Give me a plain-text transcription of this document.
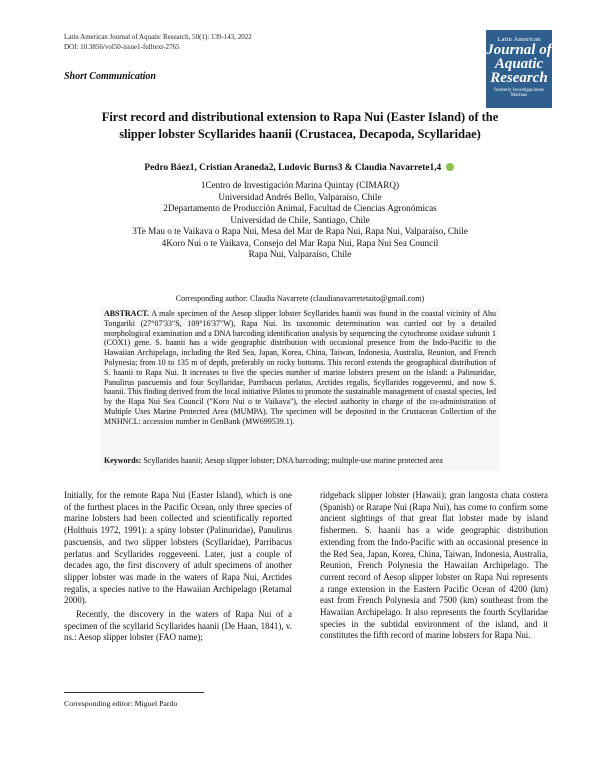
Latin American Journal of Aquatic Research, 50(1): 139-143, 2022
DOI: 10.3856/vol50-issue1-fulltext-2765
Latin American
Journal of Aquatic Research
formerly Investigaciones Marinas
Short Communication
First record and distributional extension to Rapa Nui (Easter Island) of the slipper lobster Scyllarides haanii (Crustacea, Decapoda, Scyllaridae)
Pedro Báez1, Cristian Araneda2, Ludovic Burns3 & Claudia Navarrete1,4
1Centro de Investigación Marina Quintay (CIMARQ)
Universidad Andrés Bello, Valparaíso, Chile
2Departamento de Producción Animal, Facultad de Ciencias Agronómicas
Universidad de Chile, Santiago, Chile
3Te Mau o te Vaikava o Rapa Nui, Mesa del Mar de Rapa Nui, Rapa Nui, Valparaíso, Chile
4Koro Nui o te Vaikava, Consejo del Mar Rapa Nui, Rapa Nui Sea Council
Rapa Nui, Valparaíso, Chile
Corresponding author: Claudia Navarrete (claudianavarretetaito@gmail.com)
ABSTRACT. A male specimen of the Aesop slipper lobster Scyllarides haanii was found in the coastal vicinity of Ahu Tongariki (27°07'33"S, 109°16'37"W), Rapa Nui. Its taxonomic determination was carried out by a detailed morphological examination and a DNA barcoding identification analysis by sequencing the cytochrome oxidase subunit 1 (COX1) gene. S. haanii has a wide geographic distribution with occasional presence from the Indo-Pacific to the Hawaiian Archipelago, including the Red Sea, Japan, Korea, China, Taiwan, Indonesia, Australia, Reunion, and French Polynesia; from 10 to 135 m of depth, preferably on rocky bottoms. This record extends the geographical distribution of S. haanii to Rapa Nui. It increases to five the species number of marine lobsters present on the island: a Palinuridae, Panulirus pascuensis and four Scyllaridae, Parribacus perlatus, Arctides regalis, Scyllarides roggeveenni, and now S. haanii. This finding derived from the local initiative Pilotos to promote the sustainable management of coastal species, led by the Rapa Nui Sea Council ("Koro Nui o te Vaikava"), the elected authority in charge of the co-administration of Multiple Uses Marine Protected Area (MUMPA). The specimen will be deposited in the Crustacean Collection of the MNHNCL: accession number in GenBank (MW699539.1).
Keywords: Scyllarides haanii; Aesop slipper lobster; DNA barcoding; multiple-use marine protected area

Initially, for the remote Rapa Nui (Easter Island), which is one of the furthest places in the Pacific Ocean, only three species of marine lobsters had been collected and scientifically reported (Holthuis 1972, 1991): a spiny lobster (Palinuridae), Panulirus pascuensis, and two slipper lobsters (Scyllaridae), Parribacus perlatus and Scyllarides roggeveeni. Later, just a couple of decades ago, the first discovery of adult specimens of another slipper lobster was made in the waters of Rapa Nui, Arctides regalis, a species native to the Hawaiian Archipelago (Retamal 2000).

Recently, the discovery in the waters of Rapa Nui of a specimen of the scyllarid Scyllarides haanii (De Haan, 1841), v. ns.: Aesop slipper lobster (FAO name);

ridgeback slipper lobster (Hawaii); gran langosta chata costera (Spanish) or Rarape Nui (Rapa Nui), has come to confirm some ancient sightings of that great flat lobster made by island fishermen. S. haanii has a wide geographic distribution extending from the Indo-Pacific with an occasional presence in the Red Sea, Japan, Korea, China, Taiwan, Indonesia, Australia, Reunion, French Polynesia the Hawaiian Archipelago. The current record of Aesop slipper lobster on Rapa Nui represents a range extension in the Eastern Pacific Ocean of 4200 (km) east from French Polynesia and 7500 (km) southeast from the Hawaiian Archipelago. It also represents the fourth Scyllaridae species in the subtidal environment of the island, and it constitutes the fifth record of marine lobsters for Rapa Nui.

Corresponding editor: Miguel Pardo
